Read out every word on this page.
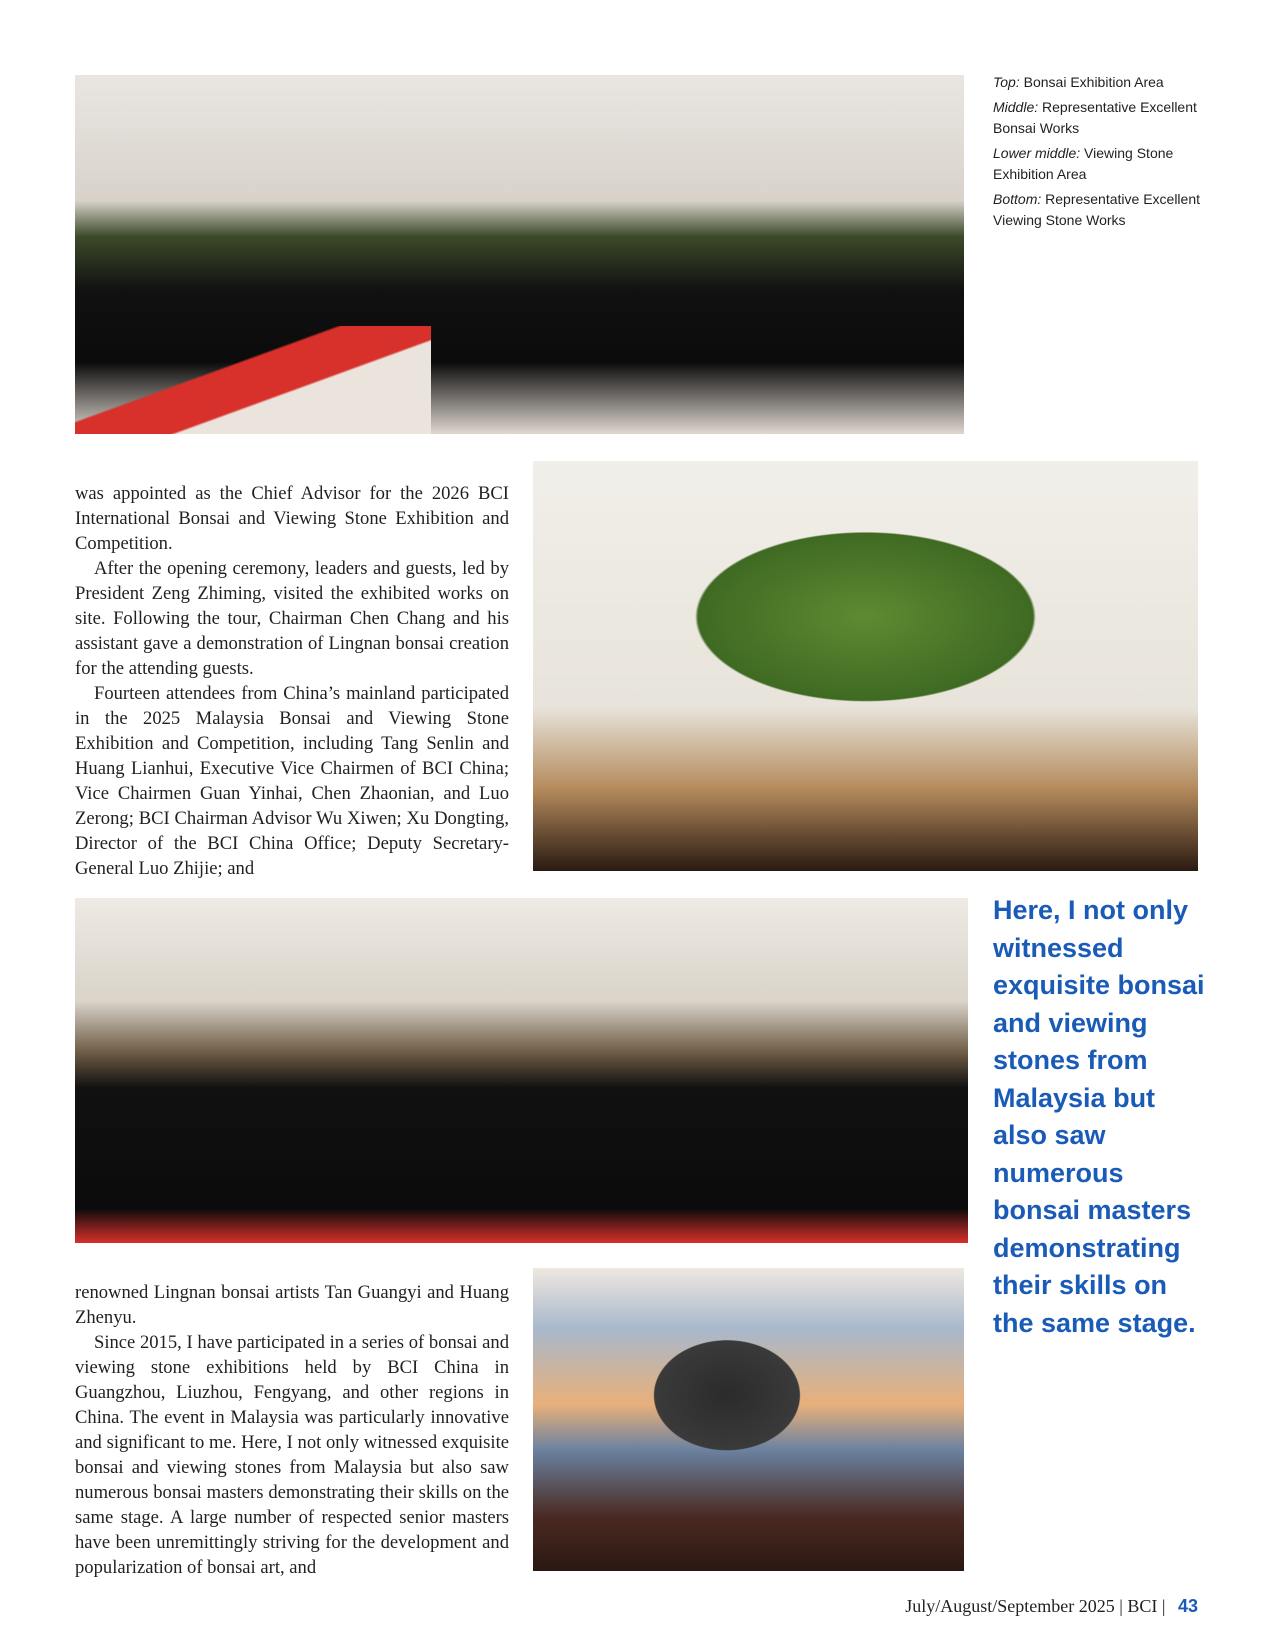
Top: Bonsai Exhibition Area

Middle: Representative Excellent Bonsai Works

Lower middle: Viewing Stone Exhibition Area

Bottom: Representative Excellent Viewing Stone Works

was appointed as the Chief Advisor for the 2026 BCI International Bonsai and Viewing Stone Exhibition and Competition.

After the opening ceremony, leaders and guests, led by President Zeng Zhiming, visited the exhibited works on site. Following the tour, Chairman Chen Chang and his assistant gave a demonstration of Lingnan bonsai creation for the attending guests.

Fourteen attendees from China’s mainland participated in the 2025 Malaysia Bonsai and Viewing Stone Exhibition and Competition, including Tang Senlin and Huang Lianhui, Executive Vice Chairmen of BCI China; Vice Chairmen Guan Yinhai, Chen Zhaonian, and Luo Zerong; BCI Chairman Advisor Wu Xiwen; Xu Dongting, Director of the BCI China Office; Deputy Secretary-General Luo Zhijie; and

Here, I not only witnessed exquisite bonsai and viewing stones from Malaysia but also saw numerous bonsai masters demonstrating their skills on the same stage.

renowned Lingnan bonsai artists Tan Guangyi and Huang Zhenyu.

Since 2015, I have participated in a series of bonsai and viewing stone exhibitions held by BCI China in Guangzhou, Liuzhou, Fengyang, and other regions in China. The event in Malaysia was particularly innovative and significant to me. Here, I not only witnessed exquisite bonsai and viewing stones from Malaysia but also saw numerous bonsai masters demonstrating their skills on the same stage. A large number of respected senior masters have been unremittingly striving for the development and popularization of bonsai art, and

July/August/September 2025 | BCI | 43
